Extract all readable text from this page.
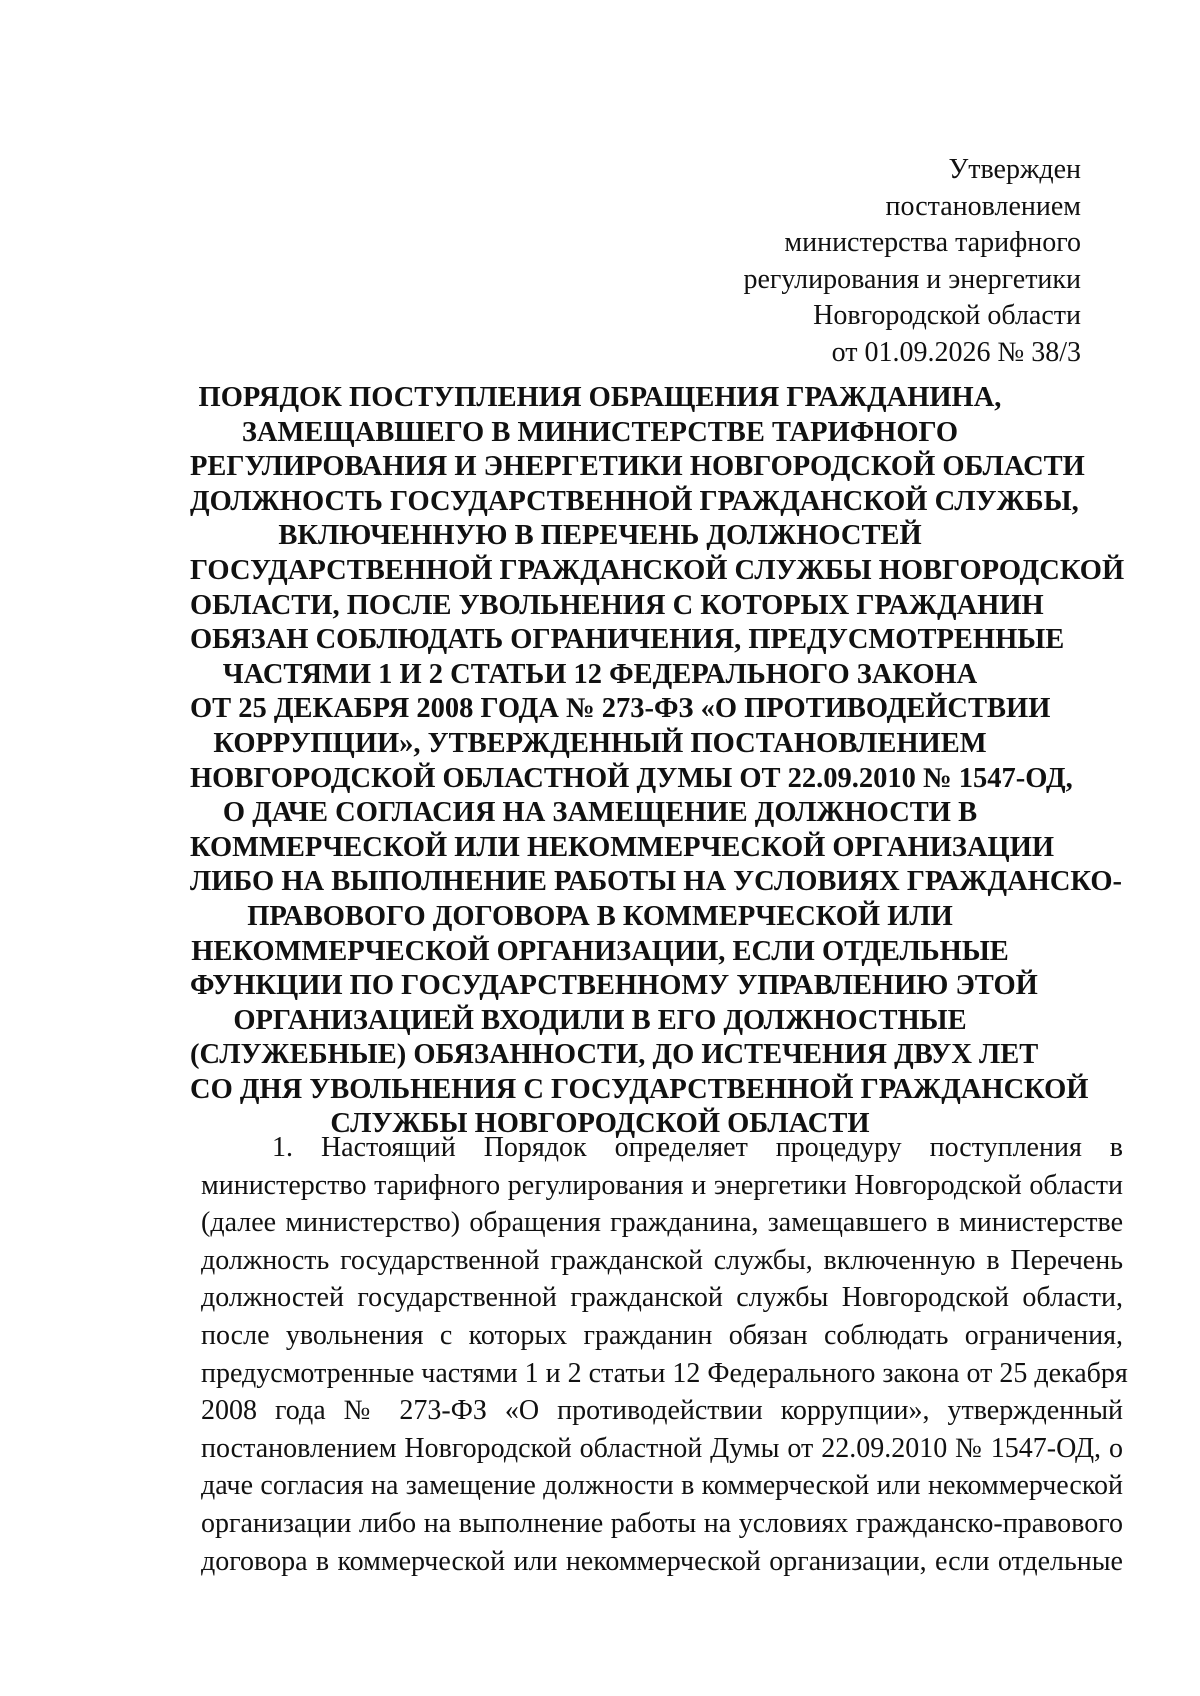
Утвержден
постановлением
министерства тарифного
регулирования и энергетики
Новгородской области
от 01.09.2026 № 38/3
ПОРЯДОК ПОСТУПЛЕНИЯ ОБРАЩЕНИЯ ГРАЖДАНИНА,
ЗАМЕЩАВШЕГО В МИНИСТЕРСТВЕ ТАРИФНОГО
РЕГУЛИРОВАНИЯ И ЭНЕРГЕТИКИ НОВГОРОДСКОЙ ОБЛАСТИ
ДОЛЖНОСТЬ ГОСУДАРСТВЕННОЙ ГРАЖДАНСКОЙ СЛУЖБЫ,
ВКЛЮЧЕННУЮ В ПЕРЕЧЕНЬ ДОЛЖНОСТЕЙ
ГОСУДАРСТВЕННОЙ ГРАЖДАНСКОЙ СЛУЖБЫ НОВГОРОДСКОЙ
ОБЛАСТИ, ПОСЛЕ УВОЛЬНЕНИЯ С КОТОРЫХ ГРАЖДАНИН
ОБЯЗАН СОБЛЮДАТЬ ОГРАНИЧЕНИЯ, ПРЕДУСМОТРЕННЫЕ
ЧАСТЯМИ 1 И 2 СТАТЬИ 12 ФЕДЕРАЛЬНОГО ЗАКОНА
ОТ 25 ДЕКАБРЯ 2008 ГОДА № 273-ФЗ «О ПРОТИВОДЕЙСТВИИ
КОРРУПЦИИ», УТВЕРЖДЕННЫЙ ПОСТАНОВЛЕНИЕМ
НОВГОРОДСКОЙ ОБЛАСТНОЙ ДУМЫ ОТ 22.09.2010 № 1547-ОД,
О ДАЧЕ СОГЛАСИЯ НА ЗАМЕЩЕНИЕ ДОЛЖНОСТИ В
КОММЕРЧЕСКОЙ ИЛИ НЕКОММЕРЧЕСКОЙ ОРГАНИЗАЦИИ
ЛИБО НА ВЫПОЛНЕНИЕ РАБОТЫ НА УСЛОВИЯХ ГРАЖДАНСКО-
ПРАВОВОГО ДОГОВОРА В КОММЕРЧЕСКОЙ ИЛИ
НЕКОММЕРЧЕСКОЙ ОРГАНИЗАЦИИ, ЕСЛИ ОТДЕЛЬНЫЕ
ФУНКЦИИ ПО ГОСУДАРСТВЕННОМУ УПРАВЛЕНИЮ ЭТОЙ
ОРГАНИЗАЦИЕЙ ВХОДИЛИ В ЕГО ДОЛЖНОСТНЫЕ
(СЛУЖЕБНЫЕ) ОБЯЗАННОСТИ, ДО ИСТЕЧЕНИЯ ДВУХ ЛЕТ
СО ДНЯ УВОЛЬНЕНИЯ С ГОСУДАРСТВЕННОЙ ГРАЖДАНСКОЙ
СЛУЖБЫ НОВГОРОДСКОЙ ОБЛАСТИ
1. Настоящий Порядок определяет процедуру поступления в
министерство тарифного регулирования и энергетики Новгородской области
(далее министерство) обращения гражданина, замещавшего в министерстве
должность государственной гражданской службы, включенную в Перечень
должностей государственной гражданской службы Новгородской области,
после увольнения с которых гражданин обязан соблюдать ограничения,
предусмотренные частями 1 и 2 статьи 12 Федерального закона от 25 декабря
2008 года № 273-ФЗ «О противодействии коррупции», утвержденный
постановлением Новгородской областной Думы от 22.09.2010 № 1547-ОД, о
даче согласия на замещение должности в коммерческой или некоммерческой
организации либо на выполнение работы на условиях гражданско-правового
договора в коммерческой или некоммерческой организации, если отдельные
